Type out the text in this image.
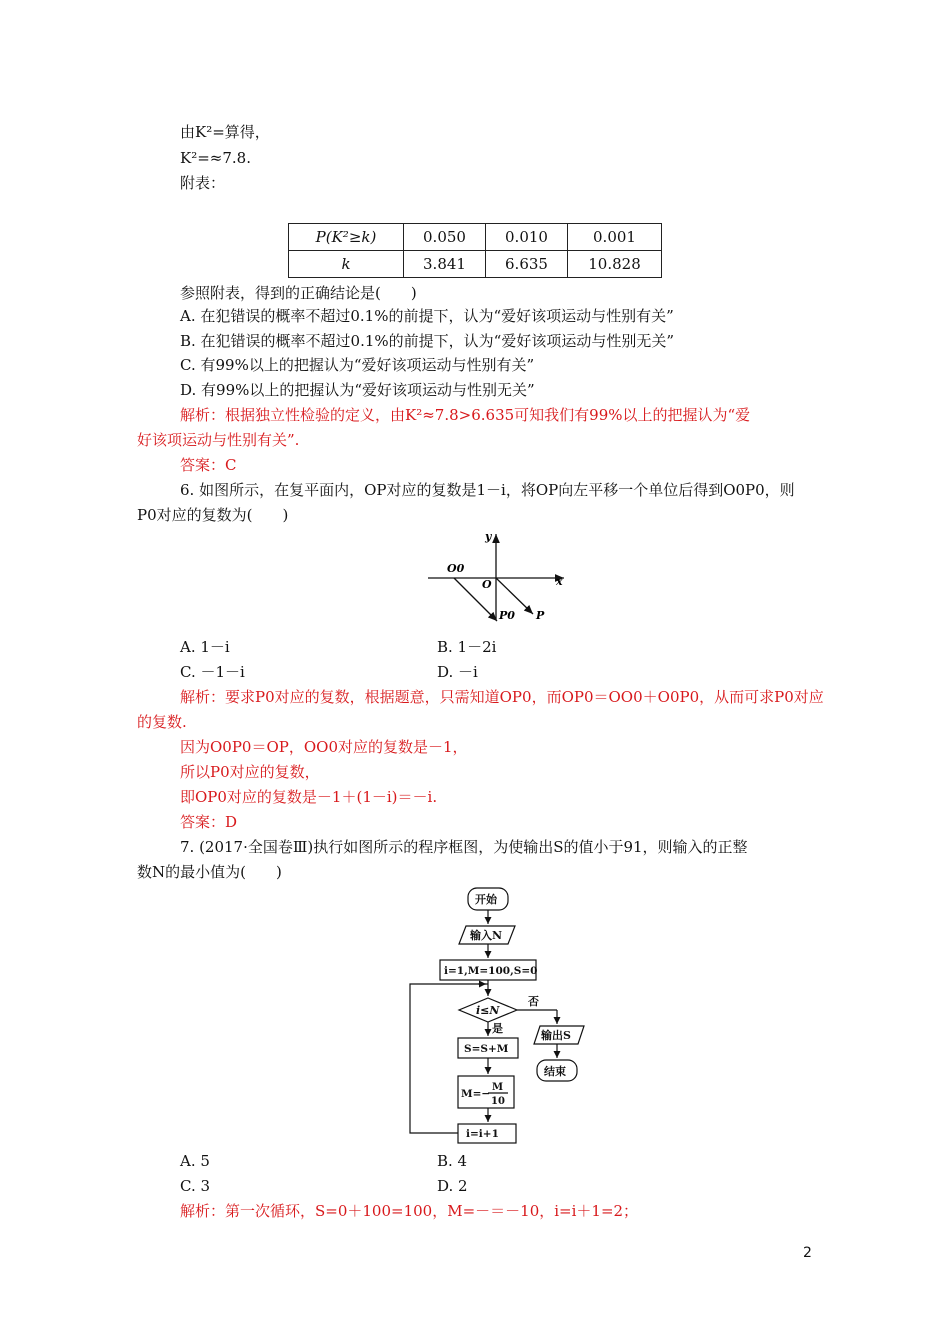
由K²=算得，
K²=≈7.8.
附表：
P(K²≥k)	0.050	0.010	0.001
k	3.841	6.635	10.828
参照附表，得到的正确结论是(　　)
A. 在犯错误的概率不超过0.1%的前提下，认为“爱好该项运动与性别有关”
B. 在犯错误的概率不超过0.1%的前提下，认为“爱好该项运动与性别无关”
C. 有99%以上的把握认为“爱好该项运动与性别有关”
D. 有99%以上的把握认为“爱好该项运动与性别无关”
解析：根据独立性检验的定义，由K²≈7.8>6.635可知我们有99%以上的把握认为“爱
好该项运动与性别有关”.
答案：C
6. 如图所示，在复平面内，OP对应的复数是1－i，将OP向左平移一个单位后得到O0P0，则
P0对应的复数为(　　)
y
x
O0
O
P0 P
A. 1－i	B. 1－2i
C. －1－i	D. －i
解析：要求P0对应的复数，根据题意，只需知道OP0，而OP0＝OO0＋O0P0，从而可求P0对应
的复数.
因为O0P0＝OP，OO0对应的复数是－1，
所以P0对应的复数，
即OP0对应的复数是－1＋(1－i)＝－i.
答案：D
7. (2017·全国卷Ⅲ)执行如图所示的程序框图，为使输出S的值小于91，则输入的正整
数N的最小值为(　　)
开始
输入N
i=1,M=100,S=0
i≤N
否
是
输出S
结束
S=S+M
M=−
M
10
i=i+1
A. 5	B. 4
C. 3	D. 2
解析：第一次循环，S=0＋100=100，M=－＝－10，i=i＋1=2；
2
